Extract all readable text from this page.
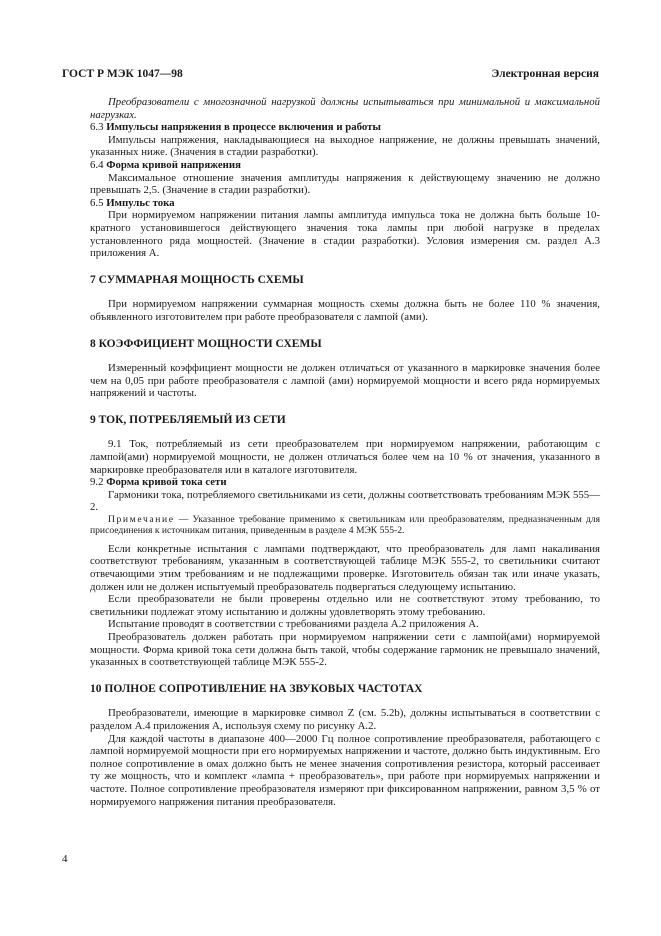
ГОСТ Р МЭК 1047—98	Электронная версия

Преобразователи с многозначной нагрузкой должны испытываться при минимальной и максимальной нагрузках.

6.3 Импульсы напряжения в процессе включения и работы

Импульсы напряжения, накладывающиеся на выходное напряжение, не должны превышать значений, указанных ниже. (Значения в стадии разработки).

6.4 Форма кривой напряжения

Максимальное отношение значения амплитуды напряжения к действующему значению не должно превышать 2,5. (Значение в стадии разработки).

6.5 Импульс тока

При нормируемом напряжении питания лампы амплитуда импульса тока не должна быть больше 10-кратного установившегося действующего значения тока лампы при любой нагрузке в пределах установленного ряда мощностей. (Значение в стадии разработки). Условия измерения см. раздел А.3 приложения А.

7 СУММАРНАЯ МОЩНОСТЬ СХЕМЫ

При нормируемом напряжении суммарная мощность схемы должна быть не более 110 % значения, объявленного изготовителем при работе преобразователя с лампой (ами).

8 КОЭФФИЦИЕНТ МОЩНОСТИ СХЕМЫ

Измеренный коэффициент мощности не должен отличаться от указанного в маркировке значения более чем на 0,05 при работе преобразователя с лампой (ами) нормируемой мощности и всего ряда нормируемых напряжений и частоты.

9 ТОК, ПОТРЕБЛЯЕМЫЙ ИЗ СЕТИ

9.1 Ток, потребляемый из сети преобразователем при нормируемом напряжении, работающим с лампой(ами) нормируемой мощности, не должен отличаться более чем на 10 % от значения, указанного в маркировке преобразователя или в каталоге изготовителя.

9.2 Форма кривой тока сети

Гармоники тока, потребляемого светильниками из сети, должны соответствовать требованиям МЭК 555—2.

Примечание — Указанное требование применимо к светильникам или преобразователям, предназначенным для присоединения к источникам питания, приведенным в разделе 4 МЭК 555-2.

Если конкретные испытания с лампами подтверждают, что преобразователь для ламп накаливания соответствуют требованиям, указанным в соответствующей таблице МЭК 555-2, то светильники считают отвечающими этим требованиям и не подлежащими проверке. Изготовитель обязан так или иначе указать, должен или не должен испытуемый преобразователь подвергаться следующему испытанию.

Если преобразователи не были проверены отдельно или не соответствуют этому требованию, то светильники подлежат этому испытанию и должны удовлетворять этому требованию.

Испытание проводят в соответствии с требованиями раздела А.2 приложения А.

Преобразователь должен работать при нормируемом напряжении сети с лампой(ами) нормируемой мощности. Форма кривой тока сети должна быть такой, чтобы содержание гармоник не превышало значений, указанных в соответствующей таблице МЭК 555-2.

10 ПОЛНОЕ СОПРОТИВЛЕНИЕ НА ЗВУКОВЫХ ЧАСТОТАХ

Преобразователи, имеющие в маркировке символ Z (см. 5.2b), должны испытываться в соответствии с разделом А.4 приложения А, используя схему по рисунку А.2.

Для каждой частоты в диапазоне 400—2000 Гц полное сопротивление преобразователя, работающего с лампой нормируемой мощности при его нормируемых напряжении и частоте, должно быть индуктивным. Его полное сопротивление в омах должно быть не менее значения сопротивления резистора, который рассеивает ту же мощность, что и комплект «лампа + преобразователь», при работе при нормируемых напряжении и частоте. Полное сопротивление преобразователя измеряют при фиксированном напряжении, равном 3,5 % от нормируемого напряжения питания преобразователя.

4
